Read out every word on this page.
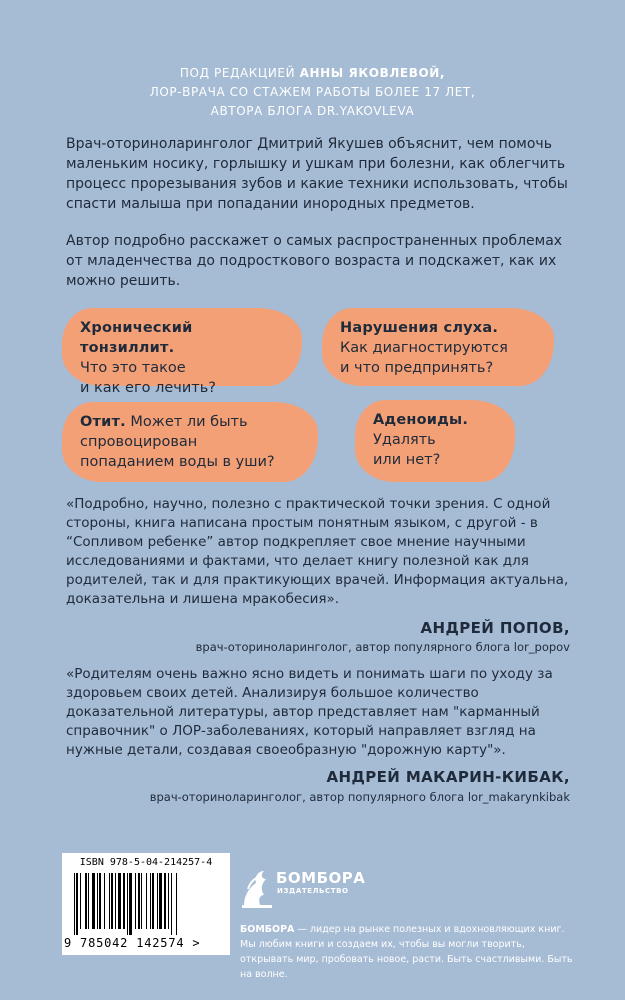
ПОД РЕДАКЦИЕЙ АННЫ ЯКОВЛЕВОЙ,
ЛОР-ВРАЧА СО СТАЖЕМ РАБОТЫ БОЛЕЕ 17 ЛЕТ,
АВТОРА БЛОГА DR.YAKOVLEVA

Врач-оториноларинголог Дмитрий Якушев объяснит, чем помочь маленьким носику, горлышку и ушкам при болезни, как облегчить процесс прорезывания зубов и какие техники использовать, чтобы спасти малыша при попадании инородных предметов.

Автор подробно расскажет о самых распространенных проблемах от младенчества до подросткового возраста и подскажет, как их можно решить.

Хронический тонзиллит.
Что это такое
и как его лечить?
Нарушения слуха.
Как диагностируются
и что предпринять?
Отит. Может ли быть
спровоцирован
попаданием воды в уши?
Аденоиды.
Удалять
или нет?
«Подробно, научно, полезно с практической точки зрения. С одной стороны, книга написана простым понятным языком, с другой - в “Сопливом ребенке” автор подкрепляет свое мнение научными исследованиями и фактами, что делает книгу полезной как для родителей, так и для практикующих врачей. Информация актуальна, доказательна и лишена мракобесия».
АНДРЕЙ ПОПОВ,
врач-оториноларинголог, автор популярного блога lor_popov
«Родителям очень важно ясно видеть и понимать шаги по уходу за здоровьем своих детей. Анализируя большое количество доказательной литературы, автор представляет нам "карманный справочник" о ЛОР-заболеваниях, который направляет взгляд на нужные детали, создавая своеобразную "дорожную карту"».
АНДРЕЙ МАКАРИН-КИБАК,
врач-оториноларинголог, автор популярного блога lor_makarynkibak
ISBN 978-5-04-214257-4
9 785042 142574 >
БОМБОРА
ИЗДАТЕЛЬСТВО
БОМБОРА — лидер на рынке полезных и вдохновляющих книг. Мы любим книги и создаем их, чтобы вы могли творить, открывать мир, пробовать новое, расти. Быть счастливыми. Быть на волне.
